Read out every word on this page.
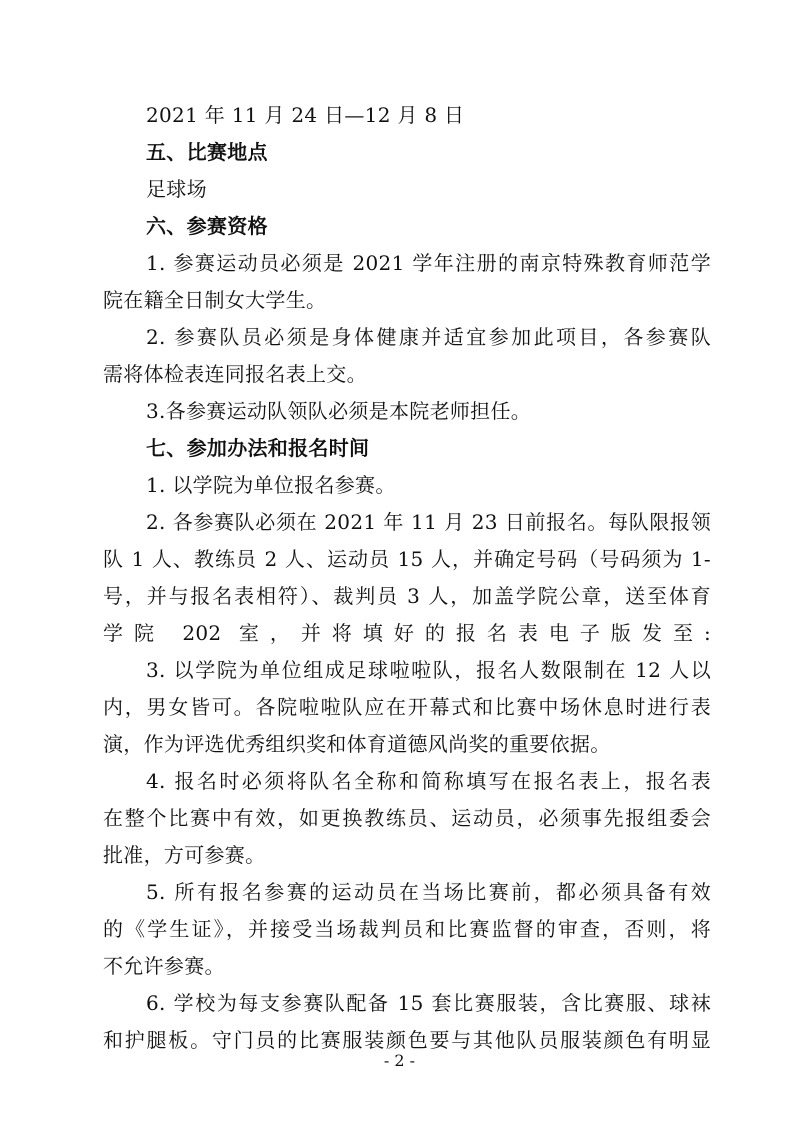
2021 年 11 月 24 日—12 月 8 日
五、比赛地点
足球场
六、参赛资格
1. 参赛运动员必须是 2021 学年注册的南京特殊教育师范学
院在籍全日制女大学生。
2. 参赛队员必须是身体健康并适宜参加此项目，各参赛队
需将体检表连同报名表上交。
3.各参赛运动队领队必须是本院老师担任。
七、参加办法和报名时间
1. 以学院为单位报名参赛。
2. 各参赛队必须在 2021 年 11 月 23 日前报名。每队限报领
队 1 人、教练员 2 人、运动员 15 人，并确定号码（号码须为 1-
号，并与报名表相符）、裁判员 3 人，加盖学院公章，送至体育
学院 202 室，并将填好的报名表电子版发至:
3. 以学院为单位组成足球啦啦队，报名人数限制在 12 人以
内，男女皆可。各院啦啦队应在开幕式和比赛中场休息时进行表
演，作为评选优秀组织奖和体育道德风尚奖的重要依据。
4. 报名时必须将队名全称和简称填写在报名表上，报名表
在整个比赛中有效，如更换教练员、运动员，必须事先报组委会
批准，方可参赛。
5. 所有报名参赛的运动员在当场比赛前，都必须具备有效
的《学生证》，并接受当场裁判员和比赛监督的审查，否则，将
不允许参赛。
6. 学校为每支参赛队配备 15 套比赛服装，含比赛服、球袜
和护腿板。守门员的比赛服装颜色要与其他队员服装颜色有明显
- 2 -
